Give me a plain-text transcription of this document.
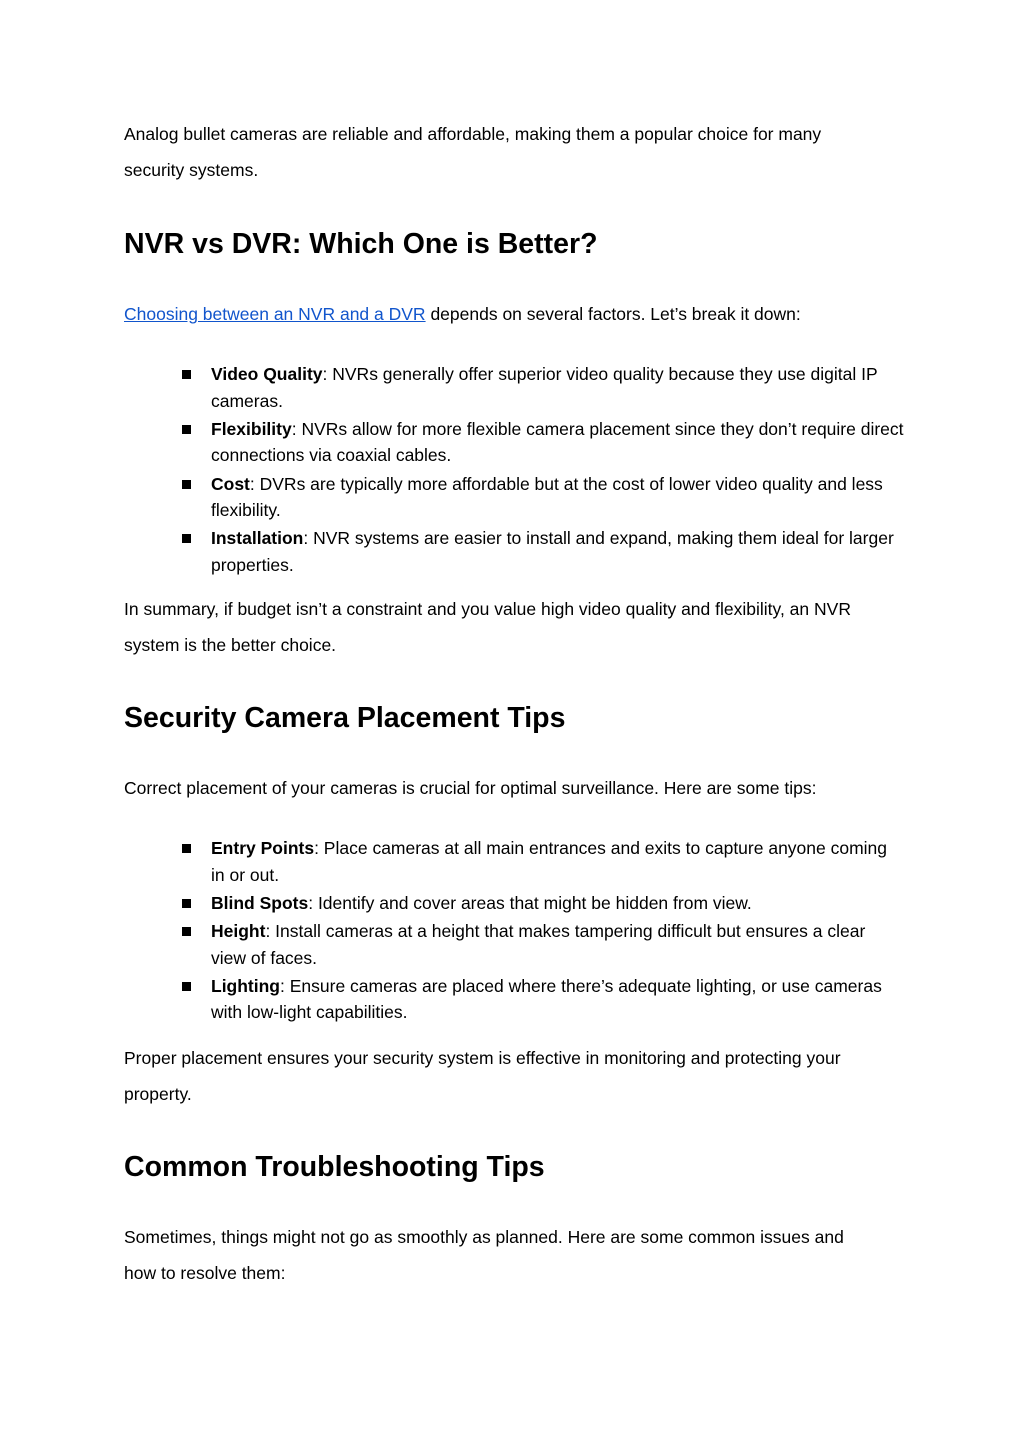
Analog bullet cameras are reliable and affordable, making them a popular choice for many security systems.

NVR vs DVR: Which One is Better?

Choosing between an NVR and a DVR depends on several factors. Let’s break it down:

Video Quality: NVRs generally offer superior video quality because they use digital IP cameras.
Flexibility: NVRs allow for more flexible camera placement since they don’t require direct connections via coaxial cables.
Cost: DVRs are typically more affordable but at the cost of lower video quality and less flexibility.
Installation: NVR systems are easier to install and expand, making them ideal for larger properties.

In summary, if budget isn’t a constraint and you value high video quality and flexibility, an NVR system is the better choice.

Security Camera Placement Tips

Correct placement of your cameras is crucial for optimal surveillance. Here are some tips:

Entry Points: Place cameras at all main entrances and exits to capture anyone coming in or out.
Blind Spots: Identify and cover areas that might be hidden from view.
Height: Install cameras at a height that makes tampering difficult but ensures a clear view of faces.
Lighting: Ensure cameras are placed where there’s adequate lighting, or use cameras with low-light capabilities.

Proper placement ensures your security system is effective in monitoring and protecting your property.

Common Troubleshooting Tips

Sometimes, things might not go as smoothly as planned. Here are some common issues and how to resolve them:
